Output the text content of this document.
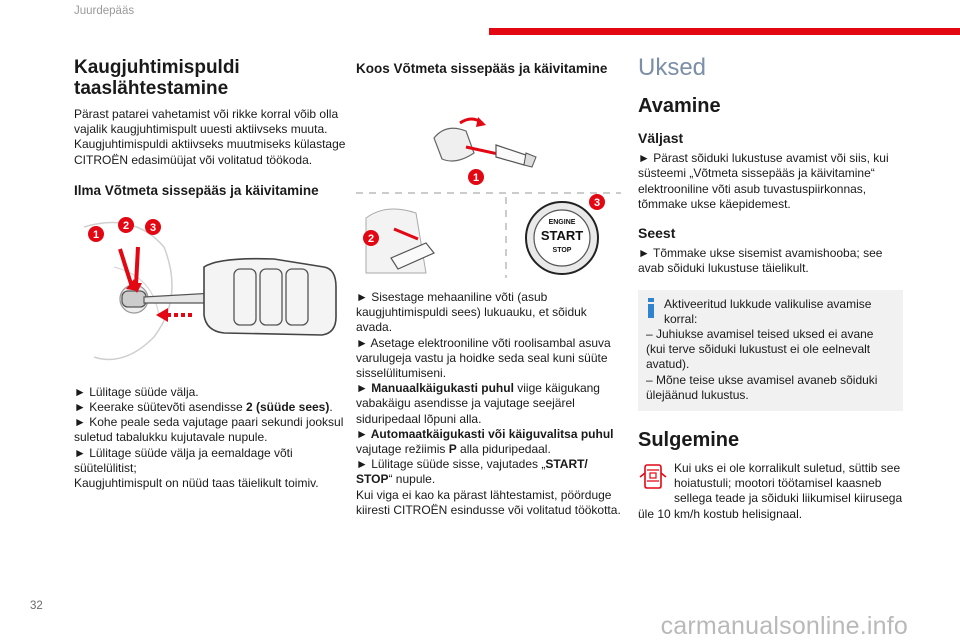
Juurdepääs
Kaugjuhtimispuldi taaslähtestamine

Pärast patarei vahetamist või rikke korral võib olla vajalik kaugjuhtimispult uuesti aktiivseks muuta.

Kaugjuhtimispuldi aktiivseks muutmiseks külastage CITROËN edasimüüjat või volitatud töökoda.

Ilma Võtmeta sissepääs ja käivitamine
1
2 3

► Lülitage süüde välja.

► Keerake süütevõti asendisse 2 (süüde sees).

► Kohe peale seda vajutage paari sekundi jooksul suletud tabalukku kujutavale nupule.

► Lülitage süüde välja ja eemaldage võti süütelülitist;

Kaugjuhtimispult on nüüd taas täielikult toimiv.

Koos Võtmeta sissepääs ja käivitamine
1
2
ENGINE
START
STOP
3

► Sisestage mehaaniline võti (asub kaugjuhtimispuldi sees) lukuauku, et sõiduk avada.

► Asetage elektrooniline võti roolisambal asuva varulugeja vastu ja hoidke seda seal kuni süüte sisselülitumiseni.

► Manuaalkäigukasti puhul viige käigukang vabakäigu asendisse ja vajutage seejärel siduripedaal lõpuni alla.

► Automaatkäigukasti või käiguvalitsa puhul vajutage režiimis P alla piduripedaal.

► Lülitage süüde sisse, vajutades „START/ STOP“ nupule.

Kui viga ei kao ka pärast lähtestamist, pöörduge kiiresti CITROËN esindusse või volitatud töökotta.

Uksed
Avamine
Väljast

► Pärast sõiduki lukustuse avamist või siis, kui süsteemi „Võtmeta sissepääs ja käivitamine“ elektrooniline võti asub tuvastuspiirkonnas, tõmmake ukse käepidemest.

Seest

► Tõmmake ukse sisemist avamishooba; see avab sõiduki lukustuse täielikult.

Aktiveeritud lukkude valikulise avamise korral:

– Juhiukse avamisel teised uksed ei avane (kui terve sõiduki lukustust ei ole eelnevalt avatud).

– Mõne teise ukse avamisel avaneb sõiduki ülejäänud lukustus.

Sulgemine

Kui uks ei ole korralikult suletud, süttib see hoiatustuli; mootori töötamisel kaasneb sellega teade ja sõiduki liikumisel kiirusega üle 10 km/h kostub helisignaal.

32
carmanualsonline.info
